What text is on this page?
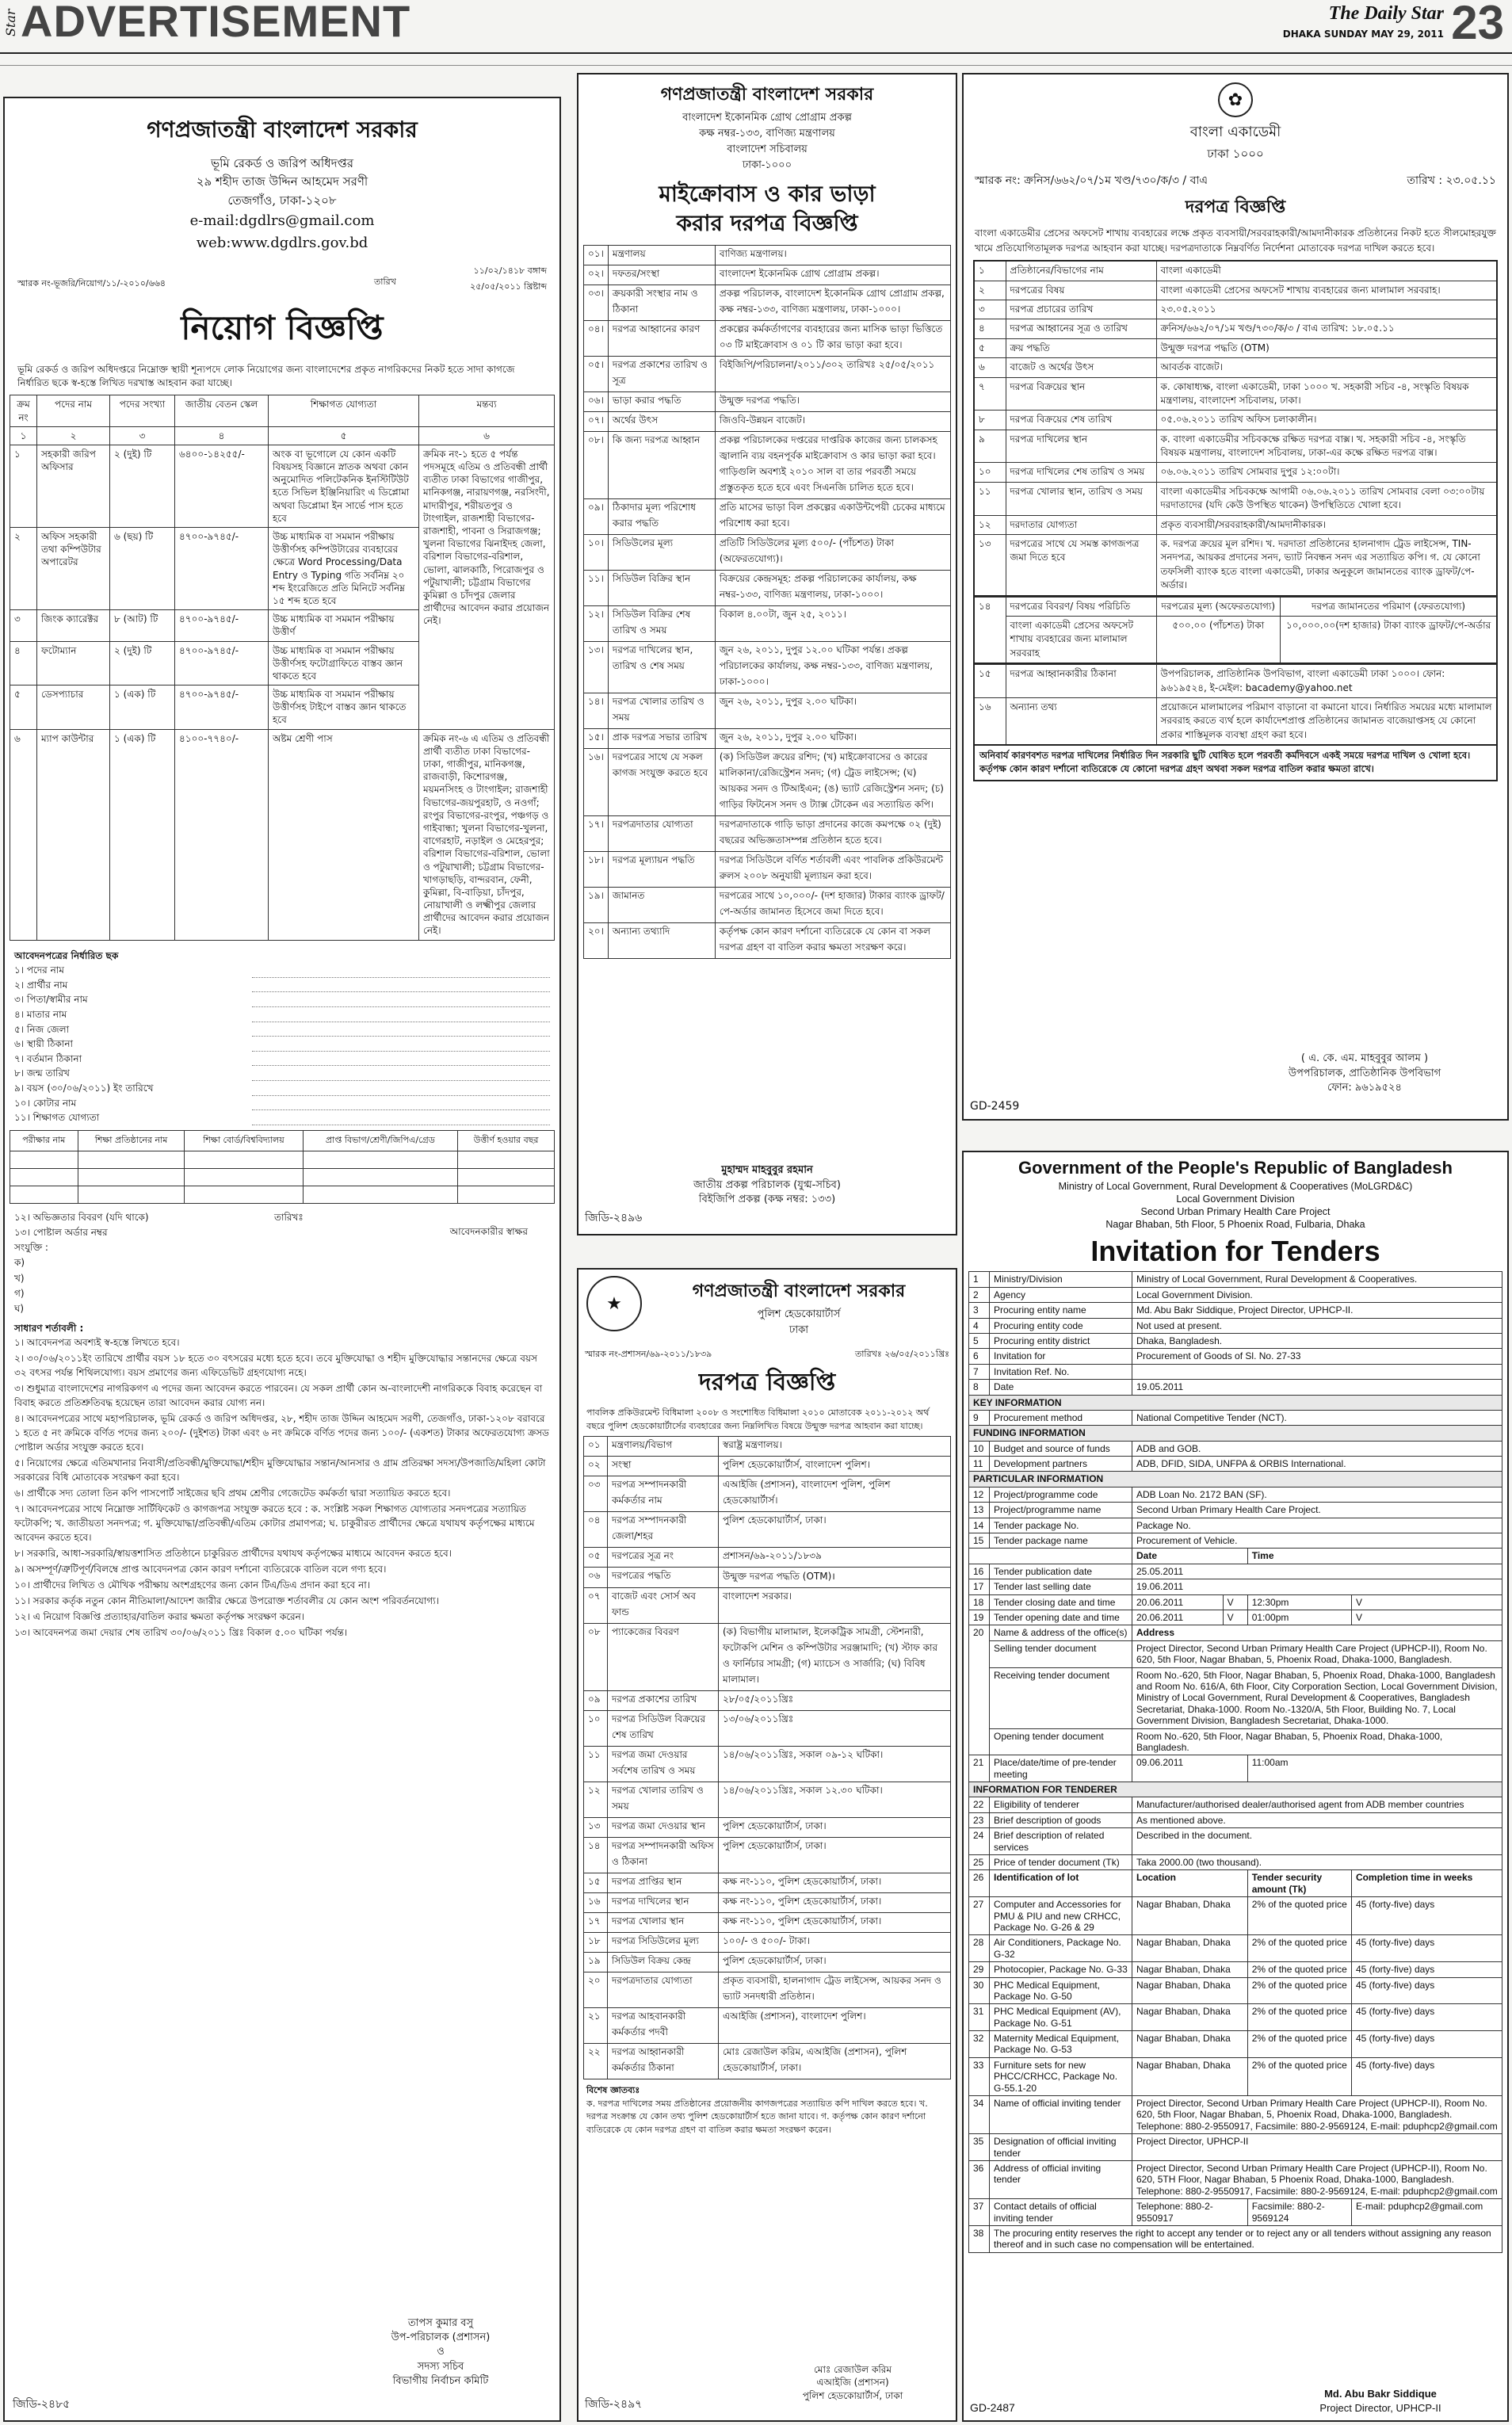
Star ADVERTISEMENT	The Daily Star
DHAKA SUNDAY MAY 29, 2011 23
গণপ্রজাতন্ত্রী বাংলাদেশ সরকার
ভূমি রেকর্ড ও জরিপ অধিদপ্তর
২৯ শহীদ তাজ উদ্দিন আহমেদ সরণী
তেজগাঁও, ঢাকা-১২০৮
e-mail:dgdlrs@gmail.com
web:www.dgdlrs.gov.bd
স্মারক নং-ভূজরি/নিয়োগ/১১/-২০১০/৬৬৪	তারিখ
১১/০২/১৪১৮ বঙ্গাব্দ
২৫/০৫/২০১১ খ্রিষ্টাব্দ
নিয়োগ বিজ্ঞপ্তি
ভূমি রেকর্ড ও জরিপ অধিদপ্তরে নিম্নোক্ত স্থায়ী শূন্যপদে লোক নিয়োগের জন্য বাংলাদেশের প্রকৃত নাগরিকদের নিকট হতে সাদা কাগজে নির্ধারিত ছকে স্ব-হস্তে লিখিত দরখাস্ত আহবান করা যাচ্ছে।
ক্রম নং	পদের নাম	পদের সংখ্যা	জাতীয় বেতন স্কেল	শিক্ষাগত যোগ্যতা	মন্তব্য
১	২	৩	৪	৫	৬
১	সহকারী জরিপ অফিসার	২ (দুই) টি	৬৪০০-১৪২৫৫/-	অংক বা ভূগোলে যে কোন একটি বিষয়সহ বিজ্ঞানে স্নাতক অথবা কোন অনুমোদিত পলিটেকনিক ইনস্টিটিউট হতে সিভিল ইঞ্জিনিয়ারিং এ ডিপ্লোমা অথবা ডিপ্লোমা ইন সার্ভে পাস হতে হবে	ক্রমিক নং-১ হতে ৫ পর্যন্ত পদসমূহে এতিম ও প্রতিবন্ধী প্রার্থী ব্যতীত ঢাকা বিভাগের গাজীপুর, মানিকগঞ্জ, নারায়ণগঞ্জ, নরসিংদী, মাদারীপুর, শরীয়তপুর ও টাংগাইল, রাজশাহী বিভাগের-রাজশাহী, পাবনা ও সিরাজগঞ্জ; খুলনা বিভাগের ঝিনাইদহ জেলা, বরিশাল বিভাগের-বরিশাল, ভোলা, ঝালকাঠি, পিরোজপুর ও পটুয়াখালী; চট্টগ্রাম বিভাগের কুমিল্লা ও চাঁদপুর জেলার প্রার্থীদের আবেদন করার প্রয়োজন নেই।
২	অফিস সহকারী তথা কম্পিউটার অপারেটর	৬ (ছয়) টি	৪৭০০-৯৭৪৫/-	উচ্চ মাধ্যমিক বা সমমান পরীক্ষায় উত্তীর্ণসহ কম্পিউটারের ব্যবহারের ক্ষেত্রে Word Processing/Data Entry ও Typing গতি সর্বনিম্ন ২০ শব্দ ইংরেজিতে প্রতি মিনিটে সর্বনিম্ন ১৫ শব্দ হতে হবে	
৩	জিংক ক্যারেক্টর	৮ (আট) টি	৪৭০০-৯৭৪৫/-	উচ্চ মাধ্যমিক বা সমমান পরীক্ষায় উত্তীর্ণ	
৪	ফটোম্যান	২ (দুই) টি	৪৭০০-৯৭৪৫/-	উচ্চ মাধ্যমিক বা সমমান পরীক্ষায় উত্তীর্ণসহ ফটোগ্রাফিতে বাস্তব জ্ঞান থাকতে হবে	
৫	ডেসপ্যাচার	১ (এক) টি	৪৭০০-৯৭৪৫/-	উচ্চ মাধ্যমিক বা সমমান পরীক্ষায় উত্তীর্ণসহ টাইপে বাস্তব জ্ঞান থাকতে হবে	
৬	ম্যাপ কাউন্টার	১ (এক) টি	৪১০০-৭৭৪০/-	অষ্টম শ্রেণী পাস	ক্রমিক নং-৬ এ এতিম ও প্রতিবন্ধী প্রার্থী ব্যতীত ঢাকা বিভাগের-ঢাকা, গাজীপুর, মানিকগঞ্জ, রাজবাড়ী, কিশোরগঞ্জ, ময়মনসিংহ ও টাংগাইল; রাজশাহী বিভাগের-জয়পুরহাট, ও নওগাঁ; রংপুর বিভাগের-রংপুর, পঞ্চগড় ও গাইবান্ধা; খুলনা বিভাগের-খুলনা, বাগেরহাট, নড়াইল ও মেহেরপুর; বরিশাল বিভাগের-বরিশাল, ভোলা ও পটুয়াখালী; চট্টগ্রাম বিভাগের-খাগড়াছড়ি, বান্দরবান, ফেনী, কুমিল্লা, বি-বাড়িয়া, চাঁদপুর, নোয়াখালী ও লক্ষ্মীপুর জেলার প্রার্থীদের আবেদন করার প্রয়োজন নেই।
আবেদনপত্রের নির্ধারিত ছক
১। পদের নাম
২। প্রার্থীর নাম
৩। পিতা/স্বামীর নাম
৪। মাতার নাম
৫। নিজ জেলা
৬। স্থায়ী ঠিকানা
৭। বর্তমান ঠিকানা
৮। জন্ম তারিখ
৯। বয়স (৩০/০৬/২০১১) ইং তারিখে
১০। কোটার নাম
১১। শিক্ষাগত যোগ্যতা
পরীক্ষার নাম	শিক্ষা প্রতিষ্ঠানের নাম	শিক্ষা বোর্ড/বিশ্ববিদ্যালয়	প্রাপ্ত বিভাগ/শ্রেণী/জিপিএ/গ্রেড	উত্তীর্ণ হওয়ার বছর

১২। অভিজ্ঞতার বিবরণ (যদি থাকে)
১৩। পোষ্টাল অর্ডার নম্বর
সংযুক্তি :
ক)
খ)
গ)
ঘ)
তারিখঃ
আবেদনকারীর স্বাক্ষর
সাধারণ শর্তাবলী :
১। আবেদনপত্র অবশ্যই স্ব-হস্তে লিখতে হবে।
২। ৩০/০৬/২০১১ইং তারিখে প্রার্থীর বয়স ১৮ হতে ৩০ বৎসরের মধ্যে হতে হবে। তবে মুক্তিযোদ্ধা ও শহীদ মুক্তিযোদ্ধার সন্তানদের ক্ষেত্রে বয়স ৩২ বৎসর পর্যন্ত শিথিলযোগ্য। বয়স প্রমাণের জন্য এফিডেভিট গ্রহণযোগ্য নহে।
৩। শুধুমাত্র বাংলাদেশের নাগরিকগণ এ পদের জন্য আবেদন করতে পারবেন। যে সকল প্রার্থী কোন অ-বাংলাদেশী নাগরিককে বিবাহ করেছেন বা বিবাহ করতে প্রতিশ্রুতিবদ্ধ হয়েছেন তারা আবেদন করার যোগ্য নন।
৪। আবেদনপত্রের সাথে মহাপরিচালক, ভূমি রেকর্ড ও জরিপ অধিদপ্তর, ২৮, শহীদ তাজ উদ্দিন আহমেদ সরণী, তেজগাঁও, ঢাকা-১২০৮ বরাবরে ১ হতে ৫ নং ক্রমিকে বর্ণিত পদের জন্য ২০০/- (দুইশত) টাকা এবং ৬ নং ক্রমিকে বর্ণিত পদের জন্য ১০০/- (একশত) টাকার অফেরতযোগ্য ক্রসড পোষ্টাল অর্ডার সংযুক্ত করতে হবে।
৫। নিয়োগের ক্ষেত্রে এতিমখানার নিবাসী/প্রতিবন্ধী/মুক্তিযোদ্ধা/শহীদ মুক্তিযোদ্ধার সন্তান/আনসার ও গ্রাম প্রতিরক্ষা সদস্য/উপজাতি/মহিলা কোটা সরকারের বিধি মোতাবেক সংরক্ষণ করা হবে।
৬। প্রার্থীকে সদ্য তোলা তিন কপি পাসপোর্ট সাইজের ছবি প্রথম শ্রেণীর গেজেটেড কর্মকর্তা দ্বারা সত্যায়িত করতে হবে।
৭। আবেদনপত্রের সাথে নিম্নোক্ত সার্টিফিকেট ও কাগজপত্র সংযুক্ত করতে হবে : ক. সংশ্লিষ্ট সকল শিক্ষাগত যোগ্যতার সনদপত্রের সত্যায়িত ফটোকপি; খ. জাতীয়তা সনদপত্র; গ. মুক্তিযোদ্ধা/প্রতিবন্ধী/এতিম কোটার প্রমাণপত্র; ঘ. চাকুরীরত প্রার্থীদের ক্ষেত্রে যথাযথ কর্তৃপক্ষের মাধ্যমে আবেদন করতে হবে।
৮। সরকারি, আধা-সরকারি/স্বায়ত্তশাসিত প্রতিষ্ঠানে চাকুরিরত প্রার্থীদের যথাযথ কর্তৃপক্ষের মাধ্যমে আবেদন করতে হবে।
৯। অসম্পূর্ণ/ত্রুটিপূর্ণ/বিলম্বে প্রাপ্ত আবেদনপত্র কোন কারণ দর্শানো ব্যতিরেকে বাতিল বলে গণ্য হবে।
১০। প্রার্থীদের লিখিত ও মৌখিক পরীক্ষায় অংশগ্রহণের জন্য কোন টিএ/ডিএ প্রদান করা হবে না।
১১। সরকার কর্তৃক নতুন কোন নীতিমালা/আদেশ জারীর ক্ষেত্রে উপরোক্ত শর্তাবলীর যে কোন অংশ পরিবর্তনযোগ্য।
১২। এ নিয়োগ বিজ্ঞপ্তি প্রত্যাহার/বাতিল করার ক্ষমতা কর্তৃপক্ষ সংরক্ষণ করেন।
১৩। আবেদনপত্র জমা দেয়ার শেষ তারিখ ৩০/০৬/২০১১ খ্রিঃ বিকাল ৫.০০ ঘটিকা পর্যন্ত।
তাপস কুমার বসু
উপ-পরিচালক (প্রশাসন)
ও
সদস্য সচিব
বিভাগীয় নির্বাচন কমিটি
জিডি-২৪৮৫
গণপ্রজাতন্ত্রী বাংলাদেশ সরকার
বাংলাদেশ ইকোনমিক গ্রোথ প্রোগ্রাম প্রকল্প
কক্ষ নম্বর-১৩৩, বাণিজ্য মন্ত্রণালয়
বাংলাদেশ সচিবালয়
ঢাকা-১০০০
মাইক্রোবাস ও কার ভাড়া
করার দরপত্র বিজ্ঞপ্তি
০১।	মন্ত্রণালয়	বাণিজ্য মন্ত্রণালয়।
০২।	দফতর/সংস্থা	বাংলাদেশ ইকোনমিক গ্রোথ প্রোগ্রাম প্রকল্প।
০৩।	ক্রয়কারী সংস্থার নাম ও ঠিকানা	প্রকল্প পরিচালক, বাংলাদেশ ইকোনমিক গ্রোথ প্রোগ্রাম প্রকল্প, কক্ষ নম্বর-১৩৩, বাণিজ্য মন্ত্রণালয়, ঢাকা-১০০০।
০৪।	দরপত্র আহ্বানের কারণ	প্রকল্পের কর্মকর্তাগণের ব্যবহারের জন্য মাসিক ভাড়া ভিত্তিতে ০৩ টি মাইক্রোবাস ও ০১ টি কার ভাড়া করা হবে।
০৫।	দরপত্র প্রকাশের তারিখ ও সূত্র	বিইজিপি/পরিচালনা/২০১১/৩০২ তারিখঃ ২৫/০৫/২০১১
০৬।	ভাড়া করার পদ্ধতি	উন্মুক্ত দরপত্র পদ্ধতি।
০৭।	অর্থের উৎস	জিওবি-উন্নয়ন বাজেট।
০৮।	কি জন্য দরপত্র আহ্বান	প্রকল্প পরিচালকের দপ্তরের দাপ্তরিক কাজের জন্য চালকসহ জ্বালানি ব্যয় বহনপূর্বক মাইক্রোবাস ও কার ভাড়া করা হবে। গাড়িগুলি অবশ্যই ২০১০ সাল বা তার পরবর্তী সময়ে প্রস্তুতকৃত হতে হবে এবং সিএনজি চালিত হতে হবে।
০৯।	ঠিকাদার মূল্য পরিশোধ করার পদ্ধতি	প্রতি মাসের ভাড়া বিল প্রকল্পের একাউন্টপেয়ী চেকের মাধ্যমে পরিশোধ করা হবে।
১০।	সিডিউলের মূল্য	প্রতিটি সিডিউলের মূল্য ৫০০/- (পাঁচশত) টাকা (অফেরতযোগ্য)।
১১।	সিডিউল বিক্রির স্থান	বিক্রয়ের কেন্দ্রসমূহ: প্রকল্প পরিচালকের কার্যালয়, কক্ষ নম্বর-১৩৩, বাণিজ্য মন্ত্রণালয়, ঢাকা-১০০০।
১২।	সিডিউল বিক্রির শেষ তারিখ ও সময়	বিকাল ৪.০০টা, জুন ২৫, ২০১১।
১৩।	দরপত্র দাখিলের স্থান, তারিখ ও শেষ সময়	জুন ২৬, ২০১১, দুপুর ১২.০০ ঘটিকা পর্যন্ত। প্রকল্প পরিচালকের কার্যালয়, কক্ষ নম্বর-১৩৩, বাণিজ্য মন্ত্রণালয়, ঢাকা-১০০০।
১৪।	দরপত্র খোলার তারিখ ও সময়	জুন ২৬, ২০১১, দুপুর ২.০০ ঘটিকা।
১৫।	প্রাক দরপত্র সভার তারিখ	জুন ২৬, ২০১১, দুপুর ২.০০ ঘটিকা।
১৬।	দরপত্রের সাথে যে সকল কাগজ সংযুক্ত করতে হবে	(ক) সিডিউল ক্রয়ের রশিদ; (খ) মাইক্রোবাসের ও কারের মালিকানা/রেজিস্ট্রেশন সনদ; (গ) ট্রেড লাইসেন্স; (ঘ) আয়কর সনদ ও টিআইএন; (ঙ) ভ্যাট রেজিস্ট্রেশন সনদ; (চ) গাড়ির ফিটনেস সনদ ও ট্যাক্স টোকেন এর সত্যায়িত কপি।
১৭।	দরপত্রদাতার যোগ্যতা	দরপত্রদাতাকে গাড়ি ভাড়া প্রদানের কাজে কমপক্ষে ০২ (দুই) বছরের অভিজ্ঞতাসম্পন্ন প্রতিষ্ঠান হতে হবে।
১৮।	দরপত্র মূল্যায়ন পদ্ধতি	দরপত্র সিডিউলে বর্ণিত শর্তাবলী এবং পাবলিক প্রকিউরমেন্ট রুলস ২০০৮ অনুযায়ী মূল্যায়ন করা হবে।
১৯।	জামানত	দরপত্রের সাথে ১০,০০০/- (দশ হাজার) টাকার ব্যাংক ড্রাফট/পে-অর্ডার জামানত হিসেবে জমা দিতে হবে।
২০।	অন্যান্য তথ্যাদি	কর্তৃপক্ষ কোন কারণ দর্শানো ব্যতিরেকে যে কোন বা সকল দরপত্র গ্রহণ বা বাতিল করার ক্ষমতা সংরক্ষণ করে।
মুহাম্মদ মাহবুবুর রহমান
জাতীয় প্রকল্প পরিচালক (যুগ্ম-সচিব)
বিইজিপি প্রকল্প (কক্ষ নম্বর: ১৩৩)
জিডি-২৪৯৬
★
গণপ্রজাতন্ত্রী বাংলাদেশ সরকার
পুলিশ হেডকোয়ার্টার্স
ঢাকা
স্মারক নং-প্রশাসন/৬৯-২০১১/১৮৩৯	তারিখঃ ২৬/০৫/২০১১খ্রিঃ
দরপত্র বিজ্ঞপ্তি
পাবলিক প্রকিউরমেন্ট বিধিমালা ২০০৮ ও সংশোধিত বিধিমালা ২০১০ মোতাবেক ২০১১-২০১২ অর্থ বছরে পুলিশ হেডকোয়ার্টার্সের ব্যবহারের জন্য নিম্নলিখিত বিষয়ে উন্মুক্ত দরপত্র আহবান করা যাচ্ছে।
০১	মন্ত্রণালয়/বিভাগ	স্বরাষ্ট্র মন্ত্রণালয়।
০২	সংস্থা	পুলিশ হেডকোয়ার্টার্স, বাংলাদেশ পুলিশ।
০৩	দরপত্র সম্পাদনকারী কর্মকর্তার নাম	এআইজি (প্রশাসন), বাংলাদেশ পুলিশ, পুলিশ হেডকোয়ার্টার্স।
০৪	দরপত্র সম্পাদনকারী জেলা/শহর	পুলিশ হেডকোয়ার্টার্স, ঢাকা।
০৫	দরপত্রের সূত্র নং	প্রশাসন/৬৯-২০১১/১৮৩৯
০৬	দরপত্রের পদ্ধতি	উন্মুক্ত দরপত্র পদ্ধতি (OTM)।
০৭	বাজেট এবং সোর্স অব ফান্ড	বাংলাদেশ সরকার।
০৮	প্যাকেজের বিবরণ	(ক) বিভাগীয় মালামাল, ইলেকট্রিক সামগ্রী, স্টেশনারী, ফটোকপি মেশিন ও কম্পিউটার সরঞ্জামাদি; (খ) স্টাফ কার ও ফার্নিচার সামগ্রী; (গ) ম্যাচেস ও সার্জারি; (ঘ) বিবিধ মালামাল।
০৯	দরপত্র প্রকাশের তারিখ	২৮/০৫/২০১১খ্রিঃ
১০	দরপত্র সিডিউল বিক্রয়ের শেষ তারিখ	১৩/০৬/২০১১খ্রিঃ
১১	দরপত্র জমা দেওয়ার সর্বশেষ তারিখ ও সময়	১৪/০৬/২০১১খ্রিঃ, সকাল ০৯-১২ ঘটিকা।
১২	দরপত্র খোলার তারিখ ও সময়	১৪/০৬/২০১১খ্রিঃ, সকাল ১২.৩০ ঘটিকা।
১৩	দরপত্র জমা দেওয়ার স্থান	পুলিশ হেডকোয়ার্টার্স, ঢাকা।
১৪	দরপত্র সম্পাদনকারী অফিস ও ঠিকানা	পুলিশ হেডকোয়ার্টার্স, ঢাকা।
১৫	দরপত্র প্রাপ্তির স্থান	কক্ষ নং-১১০, পুলিশ হেডকোয়ার্টার্স, ঢাকা।
১৬	দরপত্র দাখিলের স্থান	কক্ষ নং-১১০, পুলিশ হেডকোয়ার্টার্স, ঢাকা।
১৭	দরপত্র খোলার স্থান	কক্ষ নং-১১০, পুলিশ হেডকোয়ার্টার্স, ঢাকা।
১৮	দরপত্র সিডিউলের মূল্য	১০০/- ও ৫০০/- টাকা।
১৯	সিডিউল বিক্রয় কেন্দ্র	পুলিশ হেডকোয়ার্টার্স, ঢাকা।
২০	দরপত্রদাতার যোগ্যতা	প্রকৃত ব্যবসায়ী, হালনাগাদ ট্রেড লাইসেন্স, আয়কর সনদ ও ভ্যাট সনদধারী প্রতিষ্ঠান।
২১	দরপত্র আহবানকারী কর্মকর্তার পদবী	এআইজি (প্রশাসন), বাংলাদেশ পুলিশ।
২২	দরপত্র আহ্বানকারী কর্মকর্তার ঠিকানা	মোঃ রেজাউল করিম, এআইজি (প্রশাসন), পুলিশ হেডকোয়ার্টার্স, ঢাকা।
বিশেষ জ্ঞাতব্যঃ
ক. দরপত্র দাখিলের সময় প্রতিষ্ঠানের প্রয়োজনীয় কাগজপত্রের সত্যায়িত কপি দাখিল করতে হবে। খ. দরপত্র সংক্রান্ত যে কোন তথ্য পুলিশ হেডকোয়ার্টার্স হতে জানা যাবে। গ. কর্তৃপক্ষ কোন কারণ দর্শানো ব্যতিরেকে যে কোন দরপত্র গ্রহণ বা বাতিল করার ক্ষমতা সংরক্ষণ করেন।
মোঃ রেজাউল করিম
এআইজি (প্রশাসন)
পুলিশ হেডকোয়ার্টার্স, ঢাকা
জিডি-২৪৯৭
✿
বাংলা একাডেমী
ঢাকা ১০০০
স্মারক নং: ক্রনিস/৬৬২/০৭/১ম খণ্ড/৭৩০/ক/৩ / বাএ	তারিখ : ২৩.০৫.১১
দরপত্র বিজ্ঞপ্তি
বাংলা একাডেমীর প্রেসের অফসেট শাখায় ব্যবহারের লক্ষে প্রকৃত ব্যবসায়ী/সরবরাহকারী/আমদানীকারক প্রতিষ্ঠানের নিকট হতে সীলমোহরযুক্ত খামে প্রতিযোগিতামূলক দরপত্র আহবান করা যাচ্ছে। দরপত্রদাতাকে নিম্নবর্ণিত নির্দেশনা মোতাবেক দরপত্র দাখিল করতে হবে।
১	প্রতিষ্ঠানের/বিভাগের নাম	বাংলা একাডেমী
২	দরপত্রের বিষয়	বাংলা একাডেমী প্রেসের অফসেট শাখায় ব্যবহারের জন্য মালামাল সরবরাহ।
৩	দরপত্র প্রচারের তারিখ	২৩.০৫.২০১১
৪	দরপত্র আহ্বানের সূত্র ও তারিখ	ক্রনিস/৬৬২/০৭/১ম খণ্ড/৭৩০/ক/৩ / বাএ তারিখ: ১৮.০৫.১১
৫	ক্রয় পদ্ধতি	উন্মুক্ত দরপত্র পদ্ধতি (OTM)
৬	বাজেট ও অর্থের উৎস	আবর্তক বাজেট।
৭	দরপত্র বিক্রয়ের স্থান	ক. কোষাধ্যক্ষ, বাংলা একাডেমী, ঢাকা ১০০০ খ. সহকারী সচিব -৪, সংস্কৃতি বিষয়ক মন্ত্রণালয়, বাংলাদেশ সচিবালয়, ঢাকা।
৮	দরপত্র বিক্রয়ের শেষ তারিখ	০৫.০৬.২০১১ তারিখ অফিস চলাকালীন।
৯	দরপত্র দাখিলের স্থান	ক. বাংলা একাডেমীর সচিবকক্ষে রক্ষিত দরপত্র বাক্স। খ. সহকারী সচিব -৪, সংস্কৃতি বিষয়ক মন্ত্রণালয়, বাংলাদেশ সচিবালয়, ঢাকা-এর কক্ষে রক্ষিত দরপত্র বাক্স।
১০	দরপত্র দাখিলের শেষ তারিখ ও সময়	০৬.০৬.২০১১ তারিখ সোমবার দুপুর ১২:০০টা।
১১	দরপত্র খোলার স্থান, তারিখ ও সময়	বাংলা একাডেমীর সচিবকক্ষে আগামী ০৬.০৬.২০১১ তারিখ সোমবার বেলা ০৩:০০টায় দরদাতাদের (যদি কেউ উপস্থিত থাকেন) উপস্থিতিতে খোলা হবে।
১২	দরদাতার যোগ্যতা	প্রকৃত ব্যবসায়ী/সরবরাহকারী/আমদানীকারক।
১৩	দরপত্রের সাথে যে সমস্ত কাগজপত্র জমা দিতে হবে	ক. দরপত্র ক্রয়ের মূল রশিদ। খ. দরদাতা প্রতিষ্ঠানের হালনাগাদ ট্রেড লাইসেন্স, TIN-সনদপত্র, আয়কর প্রদানের সনদ, ভ্যাট নিবন্ধন সনদ এর সত্যায়িত কপি। গ. যে কোনো তফসিলী ব্যাংক হতে বাংলা একাডেমী, ঢাকার অনুকূলে জামানতের ব্যাংক ড্রাফট/পে-অর্ডার।
১৪	দরপত্রের বিবরণ/ বিষয় পরিচিতি	দরপত্রের মূল্য (অফেরতযোগ্য)	দরপত্র জামানতের পরিমাণ (ফেরতযোগ্য)
	বাংলা একাডেমী প্রেসের অফসেট শাখায় ব্যবহারের জন্য মালামাল সরবরাহ	৫০০.০০ (পাঁচশত) টাকা	১০,০০০.০০(দশ হাজার) টাকা ব্যাংক ড্রাফট/পে-অর্ডার
১৫	দরপত্র আহ্বানকারীর ঠিকানা	উপপরিচালক, প্রাতিষ্ঠানিক উপবিভাগ, বাংলা একাডেমী ঢাকা ১০০০। ফোন: ৯৬১৯৫২৪, ই-মেইল: bacademy@yahoo.net
১৬	অন্যান্য তথ্য	প্রয়োজনে মালামালের পরিমাণ বাড়ানো বা কমানো যাবে। নির্ধারিত সময়ের মধ্যে মালামাল সরবরাহ করতে ব্যর্থ হলে কার্যাদেশপ্রাপ্ত প্রতিষ্ঠানের জামানত বাজেয়াপ্তসহ যে কোনো প্রকার শাস্তিমূলক ব্যবস্থা গ্রহণ করা হবে।
অনিবার্য কারণবশত দরপত্র দাখিলের নির্ধারিত দিন সরকারি ছুটি ঘোষিত হলে পরবর্তী কর্মদিবসে একই সময়ে দরপত্র দাখিল ও খোলা হবে। কর্তৃপক্ষ কোন কারণ দর্শানো ব্যতিরেকে যে কোনো দরপত্র গ্রহণ অথবা সকল দরপত্র বাতিল করার ক্ষমতা রাখে।
( এ. কে. এম. মাহবুবুর আলম )
উপপরিচালক, প্রাতিষ্ঠানিক উপবিভাগ
ফোন: ৯৬১৯৫২৪
GD-2459
Government of the People's Republic of Bangladesh
Ministry of Local Government, Rural Development & Cooperatives (MoLGRD&C)
Local Government Division
Second Urban Primary Health Care Project
Nagar Bhaban, 5th Floor, 5 Phoenix Road, Fulbaria, Dhaka
Invitation for Tenders
1	Ministry/Division	Ministry of Local Government, Rural Development & Cooperatives.			
2	Agency	Local Government Division.			
3	Procuring entity name	Md. Abu Bakr Siddique, Project Director, UPHCP-II.			
4	Procuring entity code	Not used at present.			
5	Procuring entity district	Dhaka, Bangladesh.			
6	Invitation for	Procurement of Goods of Sl. No. 27-33			
7	Invitation Ref. No.				
8	Date	19.05.2011			
KEY INFORMATION					
9	Procurement method	National Competitive Tender (NCT).			
FUNDING INFORMATION					
10	Budget and source of funds	ADB and GOB.			
11	Development partners	ADB, DFID, SIDA, UNFPA & ORBIS International.			
PARTICULAR INFORMATION					
12	Project/programme code	ADB Loan No. 2172 BAN (SF).			
13	Project/programme name	Second Urban Primary Health Care Project.			
14	Tender package No.	Package No.			
15	Tender package name	Procurement of Vehicle.			
		Date		Time	
16	Tender publication date	25.05.2011			
17	Tender last selling date	19.06.2011			
18	Tender closing date and time	20.06.2011	V	12:30pm	V
19	Tender opening date and time	20.06.2011	V	01:00pm	V
20	Name & address of the office(s)	Address			
	Selling tender document	Project Director, Second Urban Primary Health Care Project (UPHCP-II), Room No. 620, 5th Floor, Nagar Bhaban, 5, Phoenix Road, Dhaka-1000, Bangladesh.			
	Receiving tender document	Room No.-620, 5th Floor, Nagar Bhaban, 5, Phoenix Road, Dhaka-1000, Bangladesh and Room No. 616/A, 6th Floor, City Corporation Section, Local Government Division, Ministry of Local Government, Rural Development & Cooperatives, Bangladesh Secretariat, Dhaka-1000. Room No.-1320/A, 5th Floor, Building No. 7, Local Government Division, Bangladesh Secretariat, Dhaka-1000.			
	Opening tender document	Room No.-620, 5th Floor, Nagar Bhaban, 5, Phoenix Road, Dhaka-1000, Bangladesh.			
21	Place/date/time of pre-tender meeting	09.06.2011		11:00am	
INFORMATION FOR TENDERER					
22	Eligibility of tenderer	Manufacturer/authorised dealer/authorised agent from ADB member countries			
23	Brief description of goods	As mentioned above.			
24	Brief description of related services	Described in the document.			
25	Price of tender document (Tk)	Taka 2000.00 (two thousand).			
26	Identification of lot	Location		Tender security amount (Tk)	Completion time in weeks
27	Computer and Accessories for PMU & PIU and new CRHCC, Package No. G-26 & 29	Nagar Bhaban, Dhaka		2% of the quoted price	45 (forty-five) days
28	Air Conditioners, Package No. G-32	Nagar Bhaban, Dhaka		2% of the quoted price	45 (forty-five) days
29	Photocopier, Package No. G-33	Nagar Bhaban, Dhaka		2% of the quoted price	45 (forty-five) days
30	PHC Medical Equipment, Package No. G-50	Nagar Bhaban, Dhaka		2% of the quoted price	45 (forty-five) days
31	PHC Medical Equipment (AV), Package No. G-51	Nagar Bhaban, Dhaka		2% of the quoted price	45 (forty-five) days
32	Maternity Medical Equipment, Package No. G-53	Nagar Bhaban, Dhaka		2% of the quoted price	45 (forty-five) days
33	Furniture sets for new PHCC/CRHCC, Package No. G-55.1-20	Nagar Bhaban, Dhaka		2% of the quoted price	45 (forty-five) days
34	Name of official inviting tender	Project Director, Second Urban Primary Health Care Project (UPHCP-II), Room No. 620, 5th Floor, Nagar Bhaban, 5, Phoenix Road, Dhaka-1000, Bangladesh. Telephone: 880-2-9550917, Facsimile: 880-2-9569124, E-mail: pduphcp2@gmail.com			
35	Designation of official inviting tender	Project Director, UPHCP-II			
36	Address of official inviting tender	Project Director, Second Urban Primary Health Care Project (UPHCP-II), Room No. 620, 5TH Floor, Nagar Bhaban, 5 Phoenix Road, Dhaka-1000, Bangladesh. Telephone: 880-2-9550917, Facsimile: 880-2-9569124, E-mail: pduphcp2@gmail.com			
37	Contact details of official inviting tender	Telephone: 880-2-9550917		Facsimile: 880-2-9569124	E-mail: pduphcp2@gmail.com
38	The procuring entity reserves the right to accept any tender or to reject any or all tenders without assigning any reason thereof and in such case no compensation will be entertained.				
Md. Abu Bakr Siddique
Project Director, UPHCP-II
GD-2487
